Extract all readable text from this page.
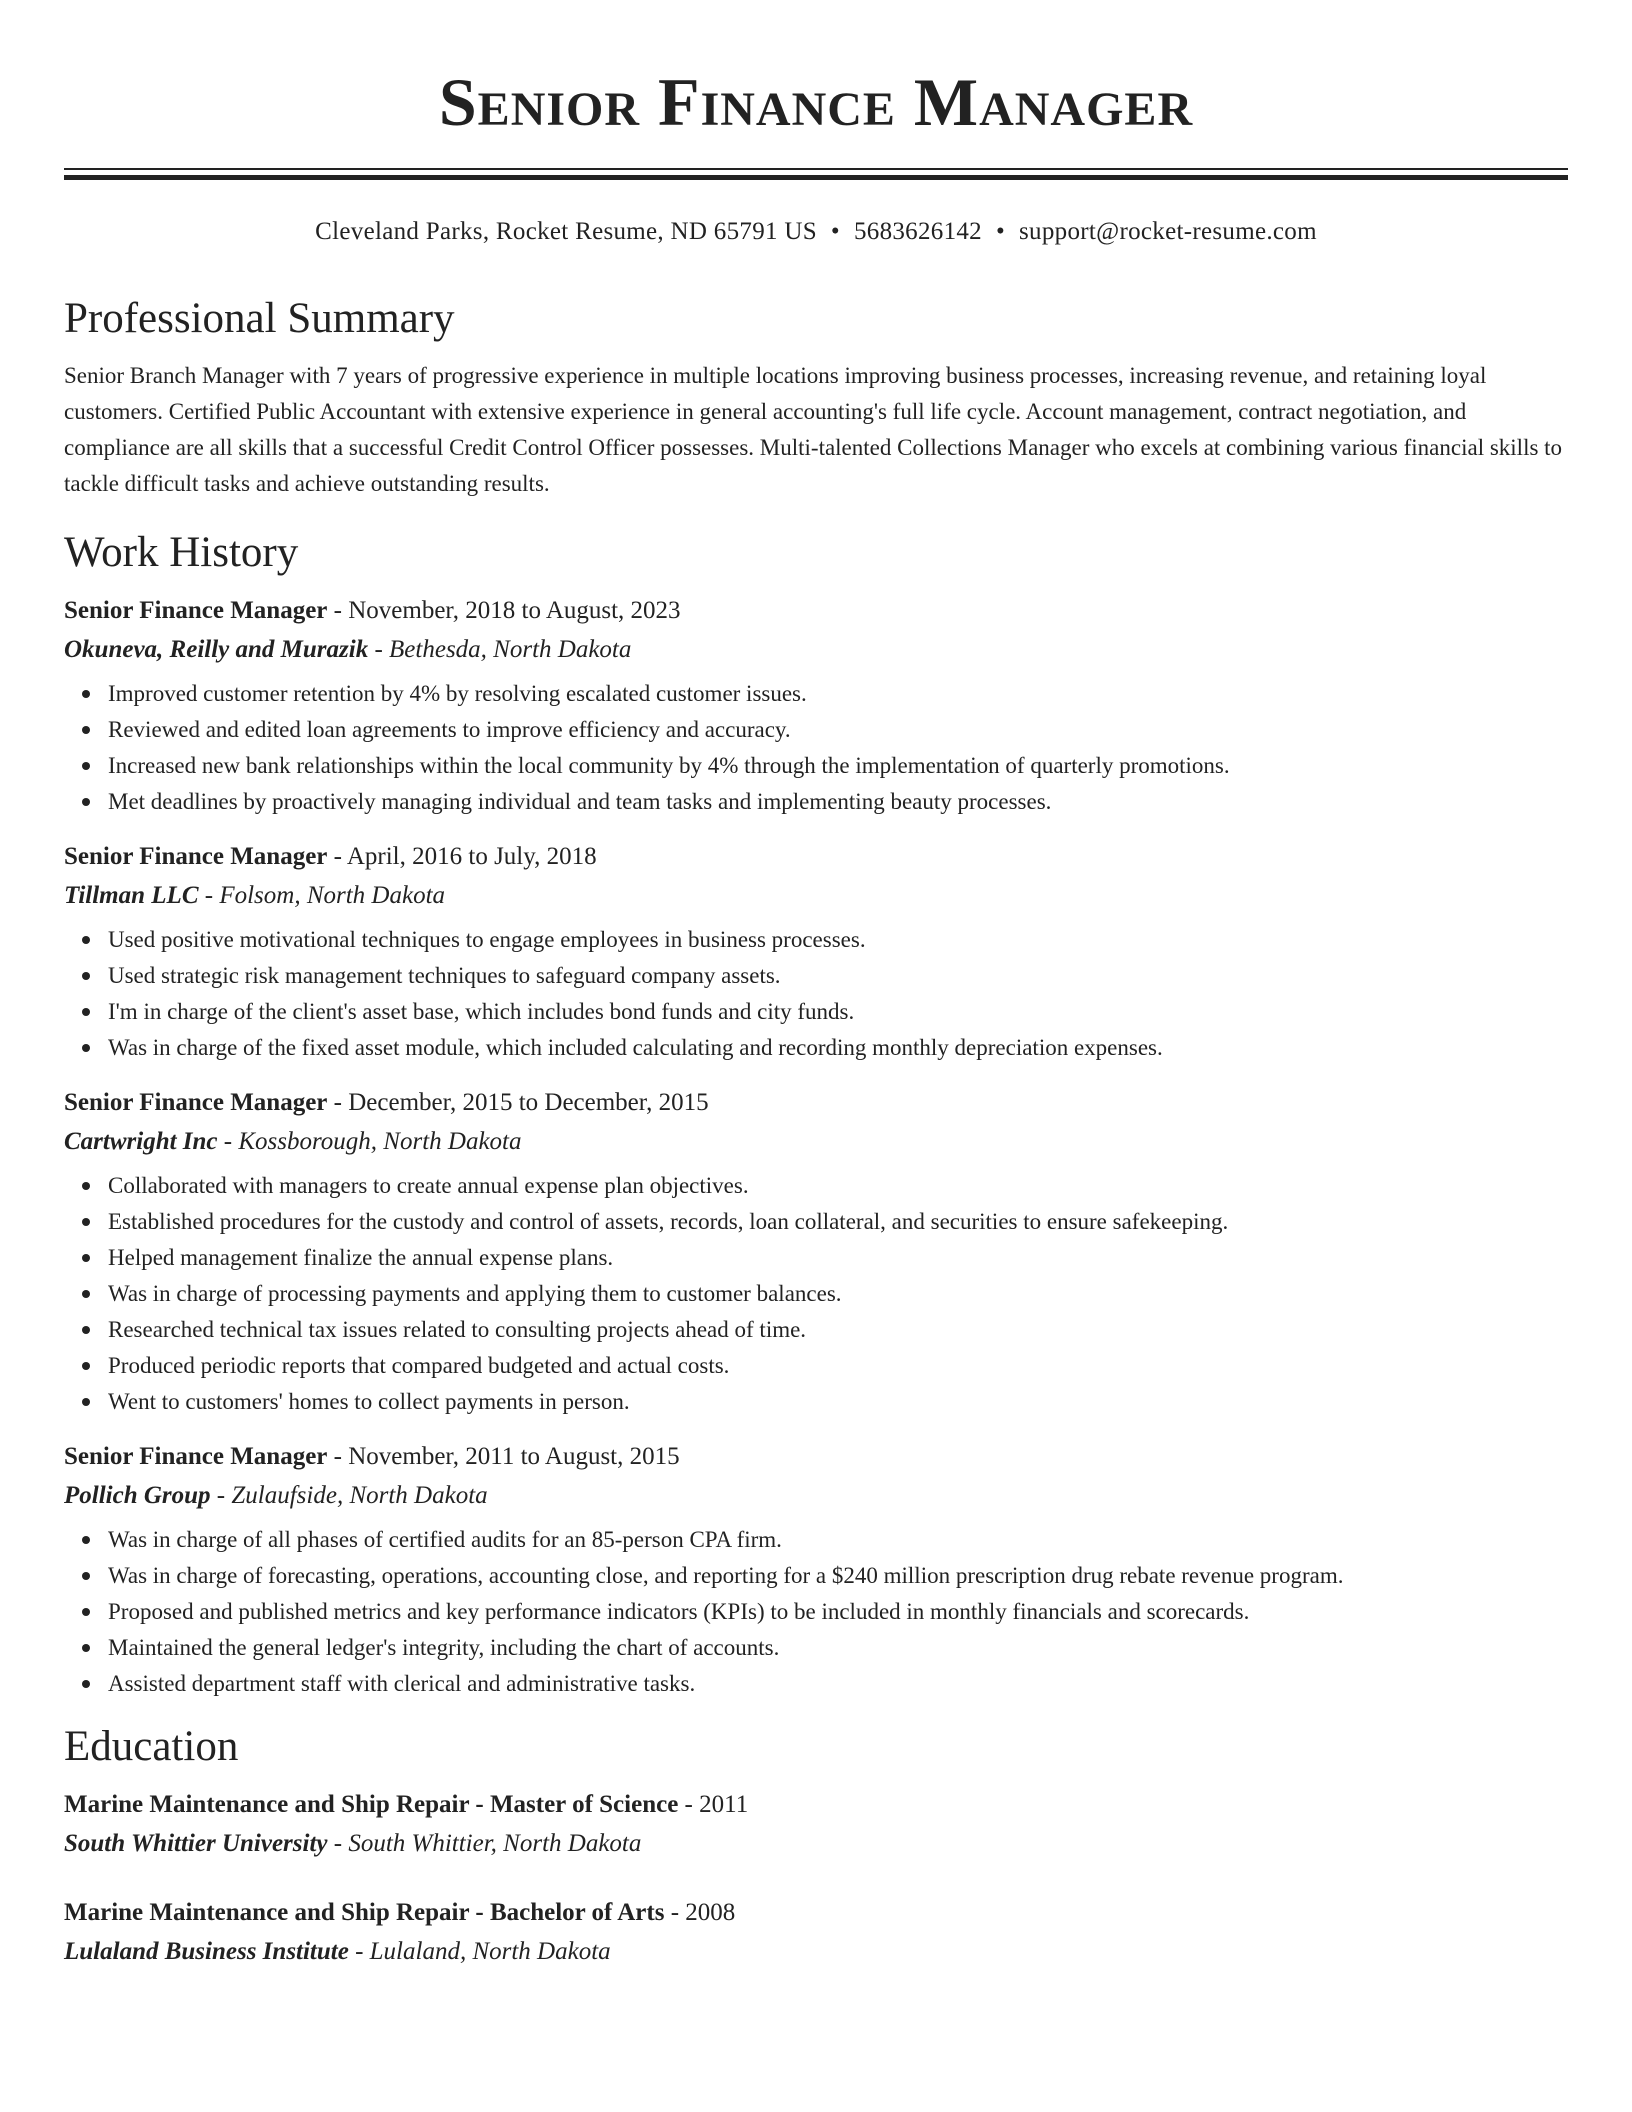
Senior Finance Manager
Cleveland Parks, Rocket Resume, ND 65791 US • 5683626142 • support@rocket-resume.com
Professional Summary

Senior Branch Manager with 7 years of progressive experience in multiple locations improving business processes, increasing revenue, and retaining loyal customers. Certified Public Accountant with extensive experience in general accounting's full life cycle. Account management, contract negotiation, and compliance are all skills that a successful Credit Control Officer possesses. Multi-talented Collections Manager who excels at combining various financial skills to tackle difficult tasks and achieve outstanding results.

Work History
Senior Finance Manager - November, 2018 to August, 2023
Okuneva, Reilly and Murazik - Bethesda, North Dakota
Improved customer retention by 4% by resolving escalated customer issues.
Reviewed and edited loan agreements to improve efficiency and accuracy.
Increased new bank relationships within the local community by 4% through the implementation of quarterly promotions.
Met deadlines by proactively managing individual and team tasks and implementing beauty processes.
Senior Finance Manager - April, 2016 to July, 2018
Tillman LLC - Folsom, North Dakota
Used positive motivational techniques to engage employees in business processes.
Used strategic risk management techniques to safeguard company assets.
I'm in charge of the client's asset base, which includes bond funds and city funds.
Was in charge of the fixed asset module, which included calculating and recording monthly depreciation expenses.
Senior Finance Manager - December, 2015 to December, 2015
Cartwright Inc - Kossborough, North Dakota
Collaborated with managers to create annual expense plan objectives.
Established procedures for the custody and control of assets, records, loan collateral, and securities to ensure safekeeping.
Helped management finalize the annual expense plans.
Was in charge of processing payments and applying them to customer balances.
Researched technical tax issues related to consulting projects ahead of time.
Produced periodic reports that compared budgeted and actual costs.
Went to customers' homes to collect payments in person.
Senior Finance Manager - November, 2011 to August, 2015
Pollich Group - Zulaufside, North Dakota
Was in charge of all phases of certified audits for an 85-person CPA firm.
Was in charge of forecasting, operations, accounting close, and reporting for a $240 million prescription drug rebate revenue program.
Proposed and published metrics and key performance indicators (KPIs) to be included in monthly financials and scorecards.
Maintained the general ledger's integrity, including the chart of accounts.
Assisted department staff with clerical and administrative tasks.
Education
Marine Maintenance and Ship Repair - Master of Science - 2011
South Whittier University - South Whittier, North Dakota
Marine Maintenance and Ship Repair - Bachelor of Arts - 2008
Lulaland Business Institute - Lulaland, North Dakota
